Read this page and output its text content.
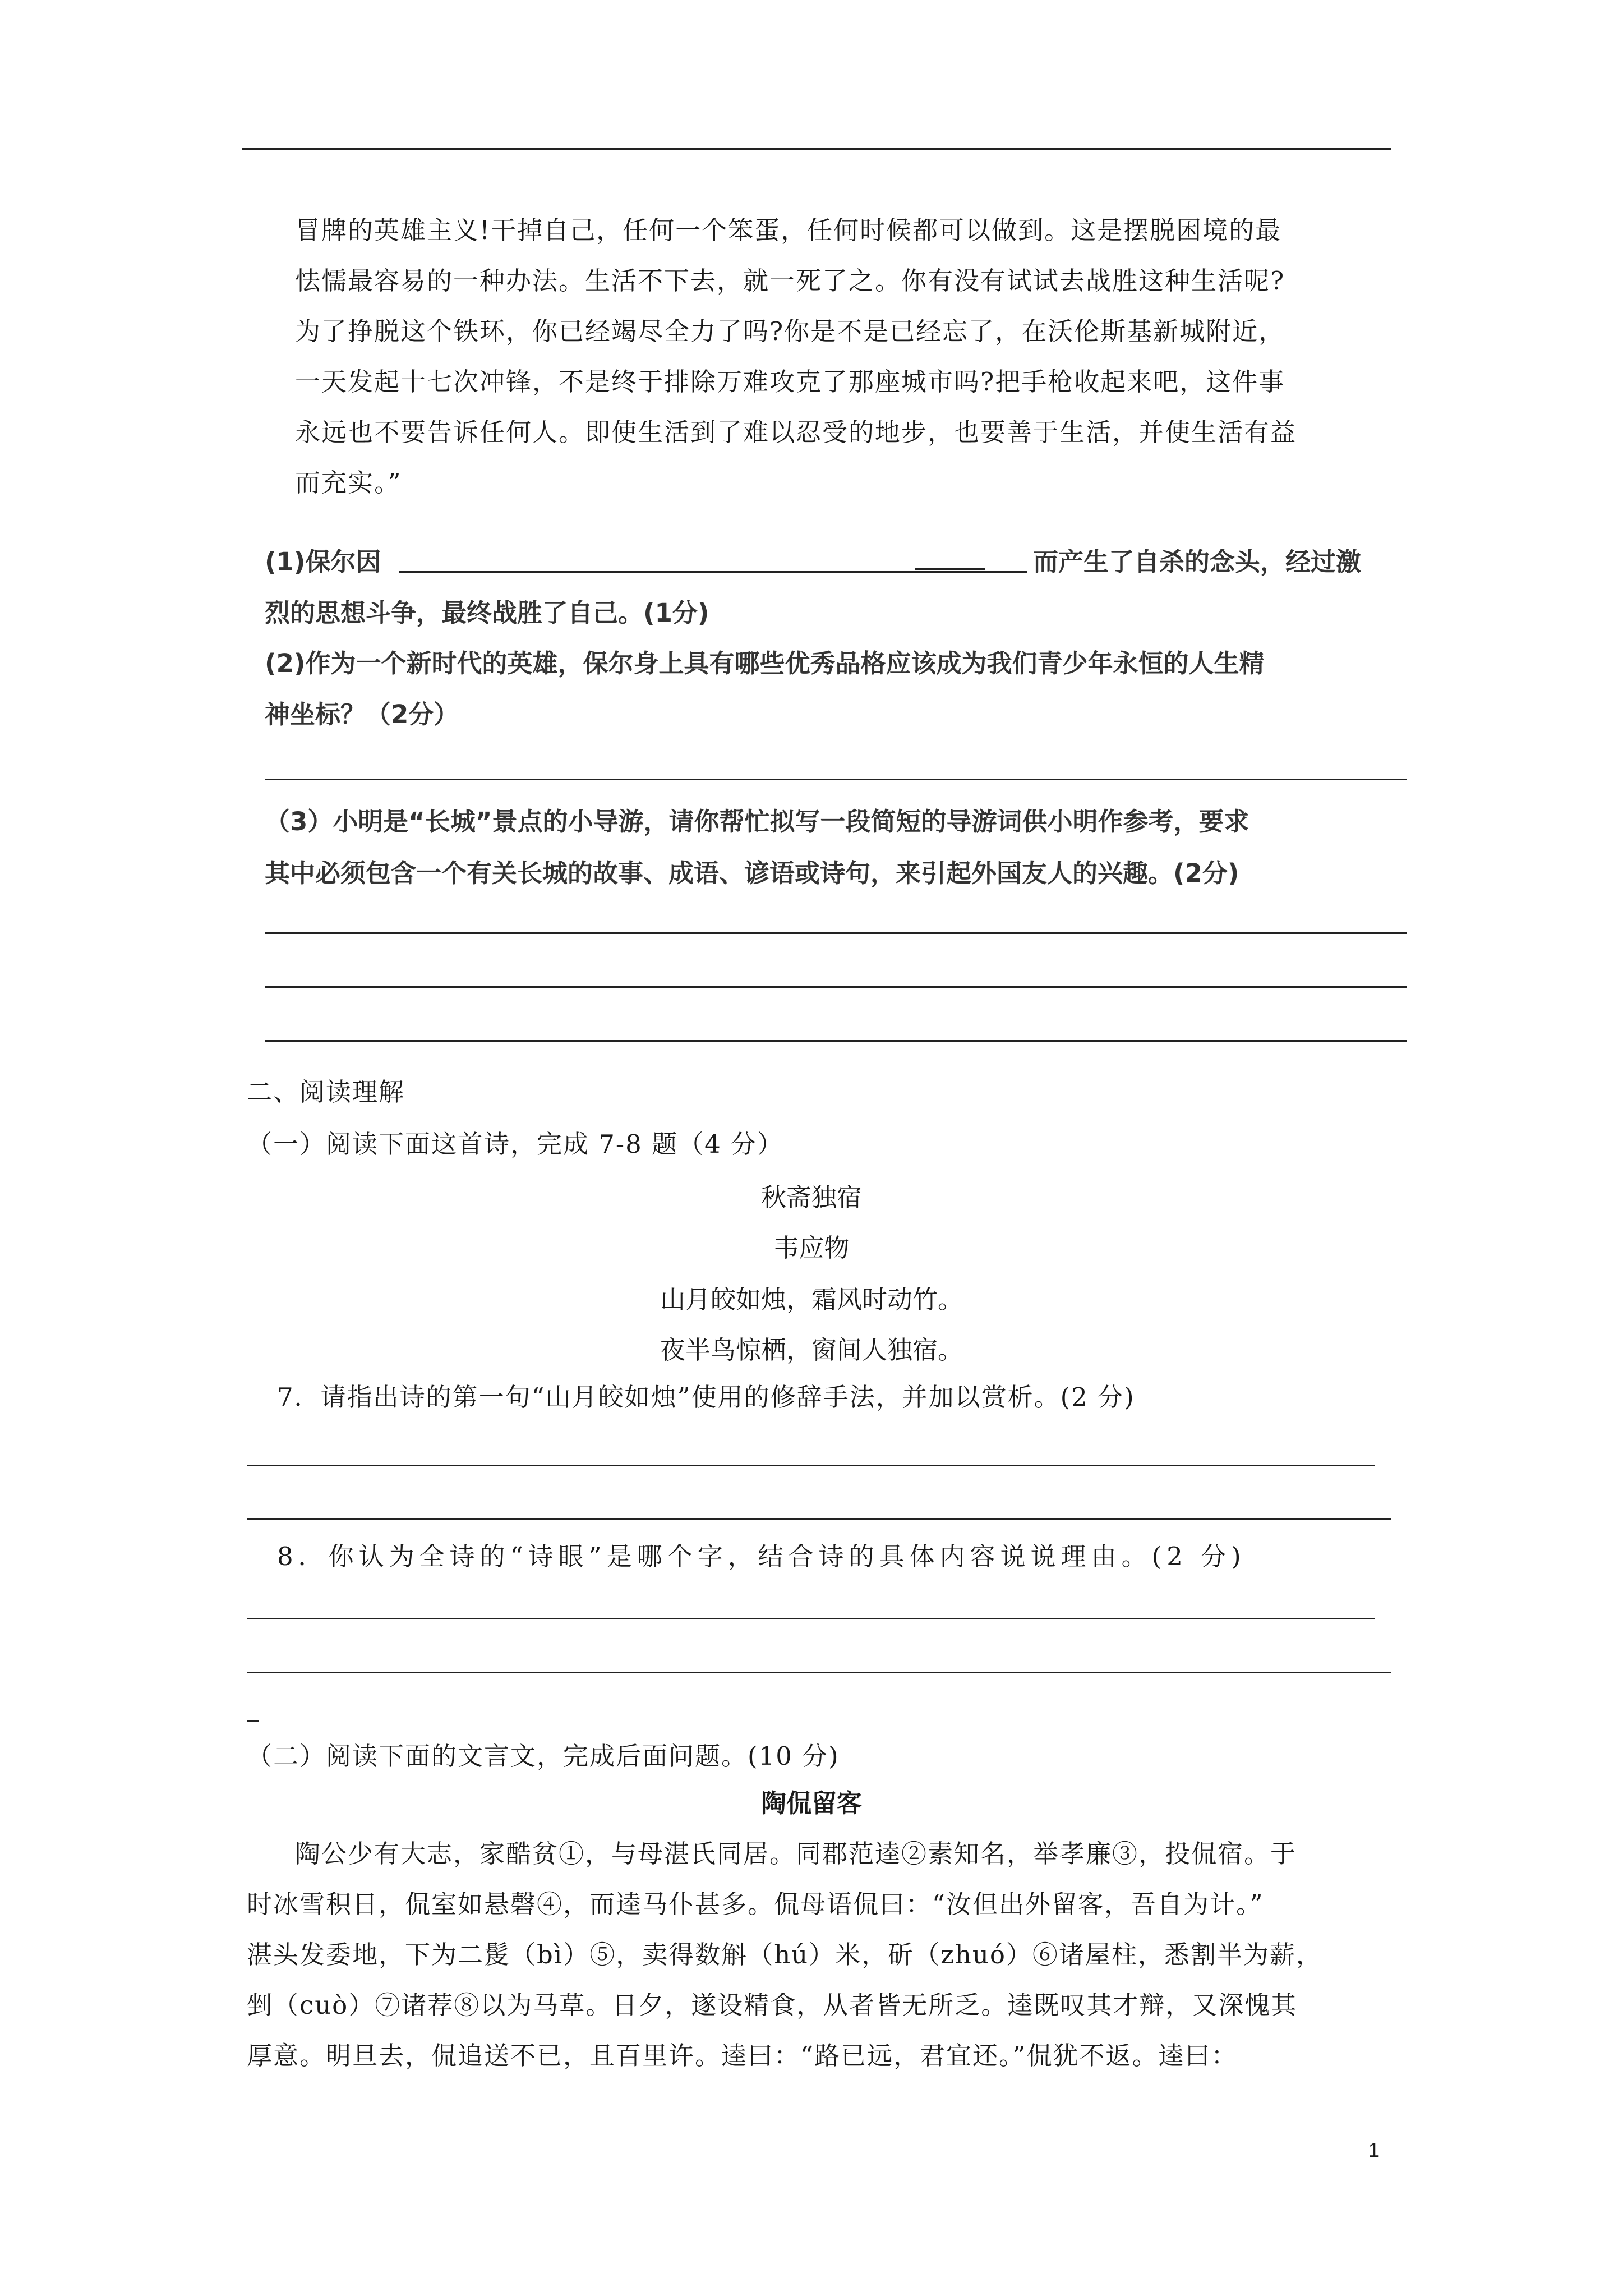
冒牌的英雄主义!干掉自己，任何一个笨蛋，任何时候都可以做到。这是摆脱困境的最
怯懦最容易的一种办法。生活不下去，就一死了之。你有没有试试去战胜这种生活呢?
为了挣脱这个铁环，你已经竭尽全力了吗?你是不是已经忘了，在沃伦斯基新城附近，
一天发起十七次冲锋，不是终于排除万难攻克了那座城市吗?把手枪收起来吧，这件事
永远也不要告诉任何人。即使生活到了难以忍受的地步，也要善于生活，并使生活有益
而充实。”
(1)保尔因	而产生了自杀的念头，经过激
烈的思想斗争，最终战胜了自己。(1分)
(2)作为一个新时代的英雄，保尔身上具有哪些优秀品格应该成为我们青少年永恒的人生精
神坐标？（2分）
（3）小明是“长城”景点的小导游，请你帮忙拟写一段简短的导游词供小明作参考，要求
其中必须包含一个有关长城的故事、成语、谚语或诗句，来引起外国友人的兴趣。(2分)
二、阅读理解
（一）阅读下面这首诗，完成 7-8 题（4 分）
秋斋独宿
韦应物
山月皎如烛，霜风时动竹。
夜半鸟惊栖，窗间人独宿。
7．请指出诗的第一句“山月皎如烛”使用的修辞手法，并加以赏析。(2 分)
8．你认为全诗的“诗眼”是哪个字，结合诗的具体内容说说理由。(2 分)
（二）阅读下面的文言文，完成后面问题。(10 分)
陶侃留客
陶公少有大志，家酷贫①，与母湛氏同居。同郡范逵②素知名，举孝廉③，投侃宿。于
时冰雪积日，侃室如悬磬④，而逵马仆甚多。侃母语侃曰：“汝但出外留客，吾自为计。”
湛头发委地，下为二髲（bì）⑤，卖得数斛（hú）米，斫（zhuó）⑥诸屋柱，悉割半为薪，
剉（cuò）⑦诸荐⑧以为马草。日夕，遂设精食，从者皆无所乏。逵既叹其才辩，又深愧其
厚意。明旦去，侃追送不已，且百里许。逵曰：“路已远，君宜还。”侃犹不返。逵曰：
1
